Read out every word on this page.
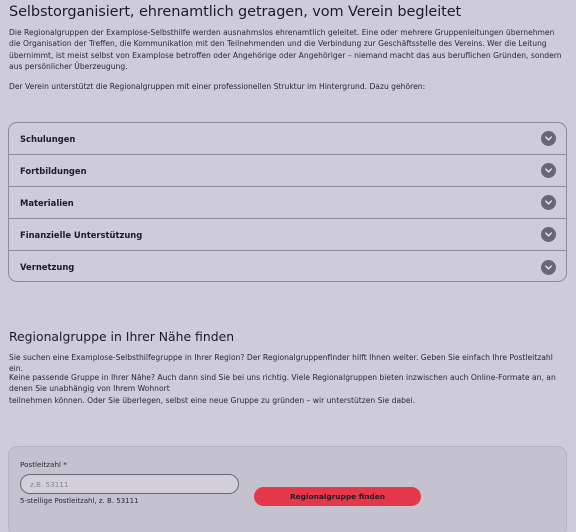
Selbstorganisiert, ehrenamtlich getragen, vom Verein begleitet

Die Regionalgruppen der Examplose-Selbsthilfe werden ausnahmslos ehrenamtlich geleitet. Eine oder mehrere Gruppenleitungen übernehmen die Organisation der Treffen, die Kommunikation mit den Teilnehmenden und die Verbindung zur Geschäftsstelle des Vereins. Wer die Leitung übernimmt, ist meist selbst von Examplose betroffen oder Angehörige oder Angehöriger – niemand macht das aus beruflichen Gründen, sondern aus persönlicher Überzeugung.

Der Verein unterstützt die Regionalgruppen mit einer professionellen Struktur im Hintergrund. Dazu gehören:

Schulungen
Fortbildungen
Materialien
Finanzielle Unterstützung
Vernetzung
Regionalgruppe in Ihrer Nähe finden

Sie suchen eine Examplose-Selbsthilfegruppe in Ihrer Region? Der Regionalgruppenfinder hilft Ihnen weiter. Geben Sie einfach Ihre Postleitzahl ein.

Keine passende Gruppe in Ihrer Nähe? Auch dann sind Sie bei uns richtig. Viele Regionalgruppen bieten inzwischen auch Online-Formate an, an denen Sie unabhängig von Ihrem Wohnort

teilnehmen können. Oder Sie überlegen, selbst eine neue Gruppe zu gründen – wir unterstützen Sie dabei.

Postleitzahl *
z.B. 53111
5-stellige Postleitzahl, z. B. 53111	Regionalgruppe finden
